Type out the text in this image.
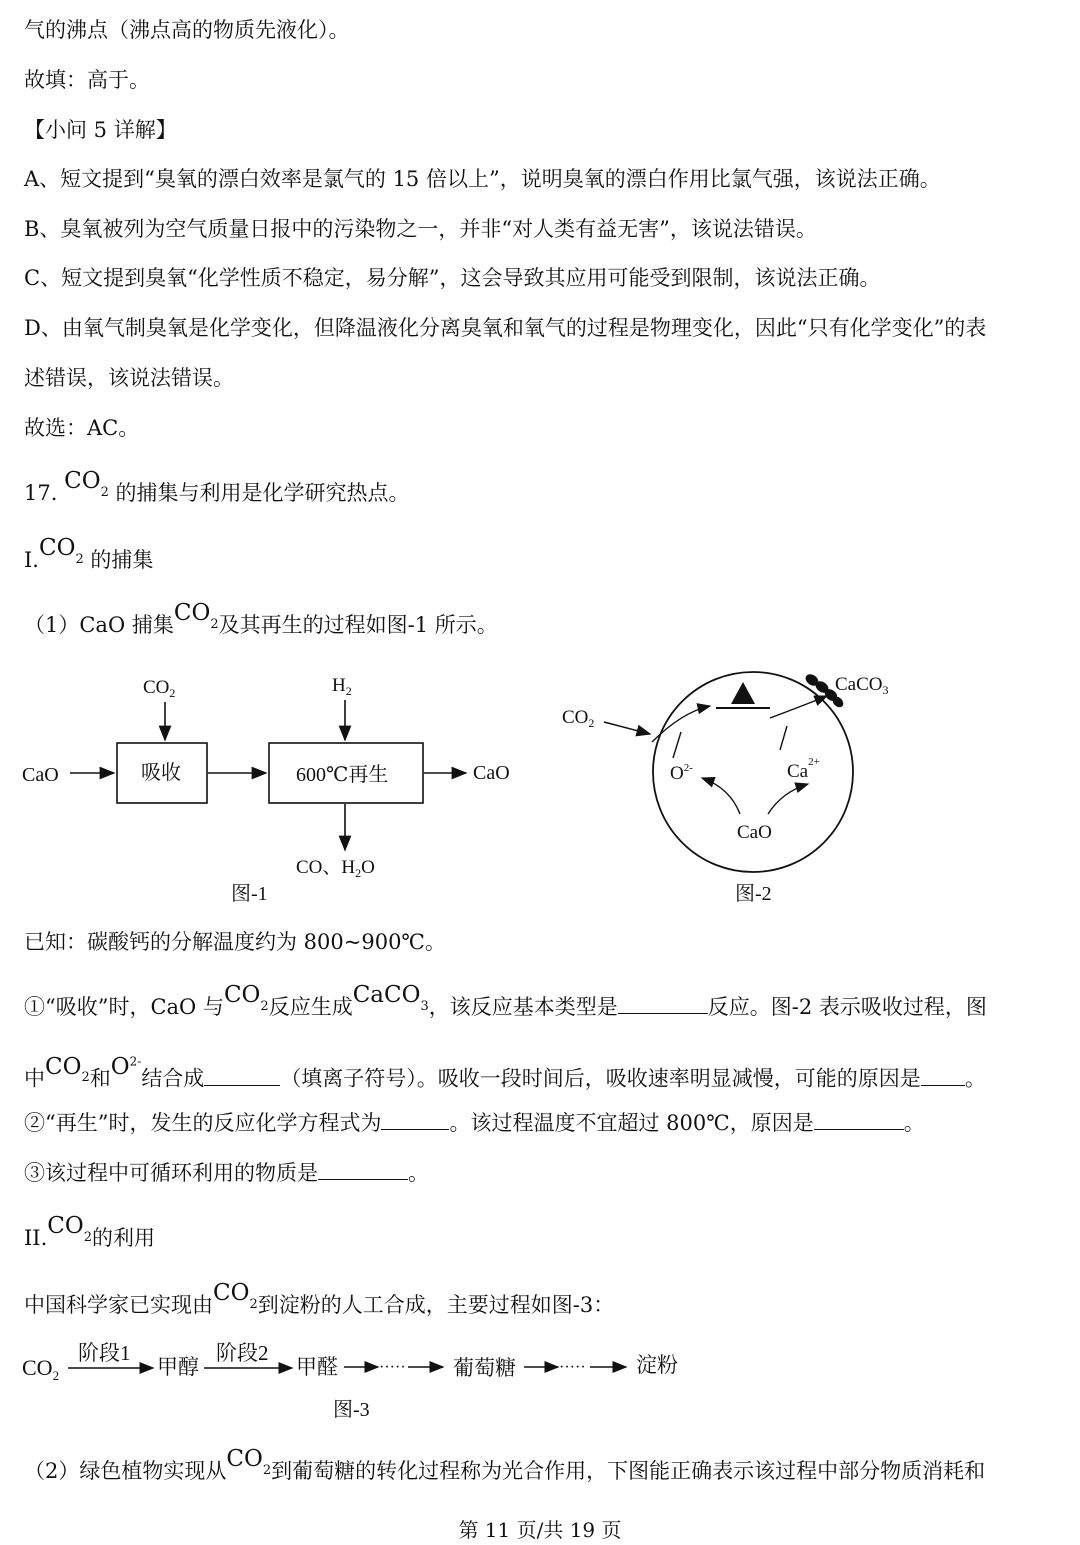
气的沸点（沸点高的物质先液化）。
故填：高于。
【小问 5 详解】
A、短文提到“臭氧的漂白效率是氯气的 15 倍以上”，说明臭氧的漂白作用比氯气强，该说法正确。
B、臭氧被列为空气质量日报中的污染物之一，并非“对人类有益无害”，该说法错误。
C、短文提到臭氧“化学性质不稳定，易分解”，这会导致其应用可能受到限制，该说法正确。
D、由氧气制臭氧是化学变化，但降温液化分离臭氧和氧气的过程是物理变化，因此“只有化学变化”的表
述错误，该说法错误。
故选：AC。
17. $CO_2$ 的捕集与利用是化学研究热点。
$I.CO_2$ 的捕集
（1）CaO 捕集$CO_2$及其再生的过程如图-1 所示。
$CO_2$	$H_2$
CaO	吸收	600℃再生	CaO
CO、$H_2O$
图-1
$CO_2$
CaCO$_3$
$O^{2-}$	$Ca^{2+}$
CaO
图-2
已知：碳酸钙的分解温度约为 800~900℃。
①“吸收”时，CaO 与$CO_2$反应生成CaCO$_3$，该反应基本类型是	反应。图-2 表示吸收过程，图
中$CO_2$和$O^{2-}$结合成	（填离子符号）。吸收一段时间后，吸收速率明显减慢，可能的原因是 。
②“再生”时，发生的反应化学方程式为	。该过程温度不宜超过 800℃，原因是	。
③该过程中可循环利用的物质是	。
$II.CO_2$的利用
中国科学家已实现由$CO_2$到淀粉的人工合成，主要过程如图-3：
$CO_2$
阶段1
甲醇
阶段2
甲醛	····· 葡萄糖	····· 淀粉
图-3
（2）绿色植物实现从$CO_2$到葡萄糖的转化过程称为光合作用，下图能正确表示该过程中部分物质消耗和
第 11 页/共 19 页
